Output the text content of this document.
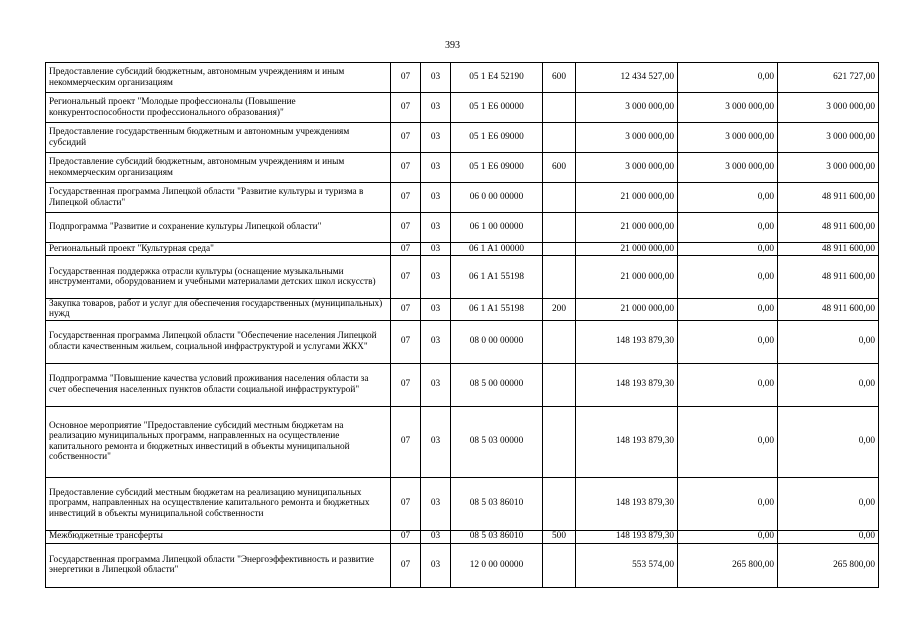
393
Предоставление субсидий бюджетным, автономным учреждениям и иным некоммерческим организациям	07	03	05 1 E4 52190	600	12 434 527,00	0,00	621 727,00
Региональный проект "Молодые профессионалы (Повышение конкурентоспособности профессионального образования)"	07	03	05 1 E6 00000		3 000 000,00	3 000 000,00	3 000 000,00
Предоставление государственным бюджетным и автономным учреждениям субсидий	07	03	05 1 E6 09000		3 000 000,00	3 000 000,00	3 000 000,00
Предоставление субсидий бюджетным, автономным учреждениям и иным некоммерческим организациям	07	03	05 1 E6 09000	600	3 000 000,00	3 000 000,00	3 000 000,00
Государственная программа Липецкой области "Развитие культуры и туризма в Липецкой области"	07	03	06 0 00 00000		21 000 000,00	0,00	48 911 600,00
Подпрограмма "Развитие и сохранение культуры Липецкой области"	07	03	06 1 00 00000		21 000 000,00	0,00	48 911 600,00
Региональный проект "Культурная среда"	07	03	06 1 A1 00000		21 000 000,00	0,00	48 911 600,00
Государственная поддержка отрасли культуры (оснащение музыкальными инструментами, оборудованием и учебными материалами детских школ искусств)	07	03	06 1 A1 55198		21 000 000,00	0,00	48 911 600,00
Закупка товаров, работ и услуг для обеспечения государственных (муниципальных) нужд	07	03	06 1 A1 55198	200	21 000 000,00	0,00	48 911 600,00
Государственная программа Липецкой области "Обеспечение населения Липецкой области качественным жильем, социальной инфраструктурой и услугами ЖКХ"	07	03	08 0 00 00000		148 193 879,30	0,00	0,00
Подпрограмма "Повышение качества условий проживания населения области за счет обеспечения населенных пунктов области социальной инфраструктурой"	07	03	08 5 00 00000		148 193 879,30	0,00	0,00
Основное мероприятие "Предоставление субсидий местным бюджетам на реализацию муниципальных программ, направленных на осуществление капитального ремонта и бюджетных инвестиций в объекты муниципальной собственности"	07	03	08 5 03 00000		148 193 879,30	0,00	0,00
Предоставление субсидий местным бюджетам на реализацию муниципальных программ, направленных на осуществление капитального ремонта и бюджетных инвестиций в объекты муниципальной собственности	07	03	08 5 03 86010		148 193 879,30	0,00	0,00
Межбюджетные трансферты	07	03	08 5 03 86010	500	148 193 879,30	0,00	0,00
Государственная программа Липецкой области "Энергоэффективность и развитие энергетики в Липецкой области"	07	03	12 0 00 00000		553 574,00	265 800,00	265 800,00
